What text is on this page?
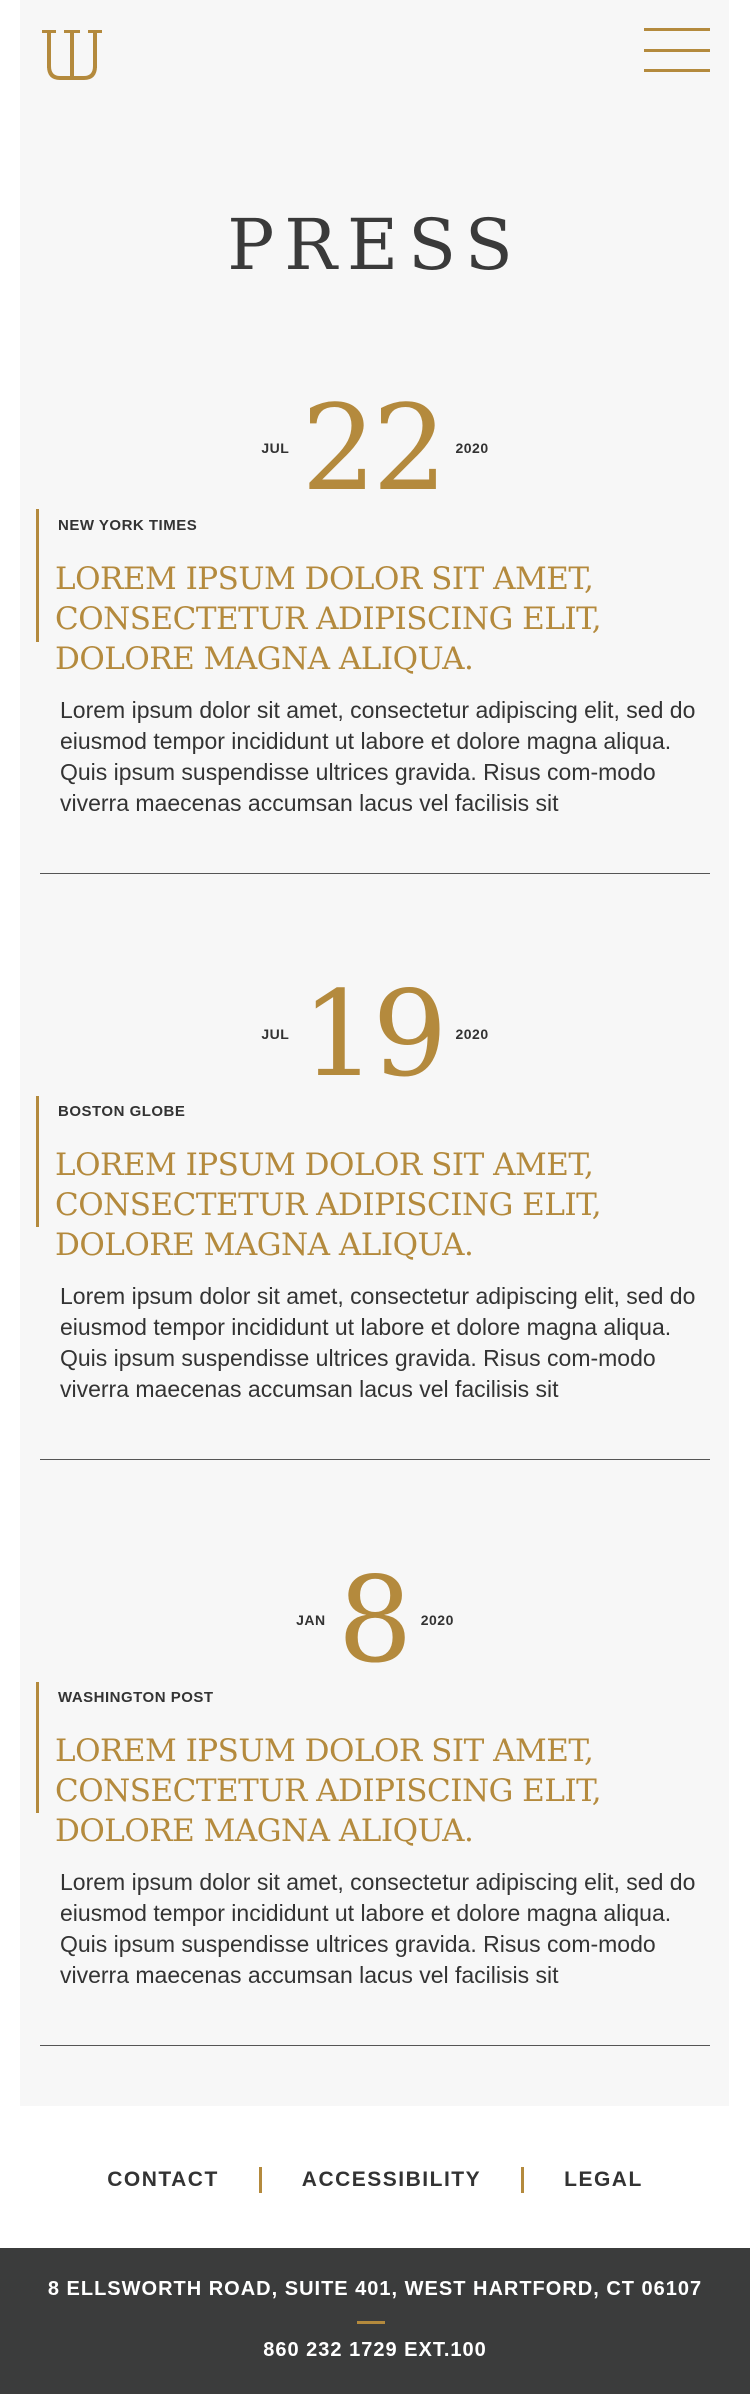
PRESS
JUL 22 2020
NEW YORK TIMES
LOREM IPSUM DOLOR SIT AMET, CONSECTETUR ADIPISCING ELIT, DOLORE MAGNA ALIQUA.

Lorem ipsum dolor sit amet, consectetur adipiscing elit, sed do eiusmod tempor incididunt ut labore et dolore magna aliqua. Quis ipsum suspendisse ultrices gravida. Risus com-modo viverra maecenas accumsan lacus vel facilisis sit

JUL 19 2020
BOSTON GLOBE
LOREM IPSUM DOLOR SIT AMET, CONSECTETUR ADIPISCING ELIT, DOLORE MAGNA ALIQUA.

Lorem ipsum dolor sit amet, consectetur adipiscing elit, sed do eiusmod tempor incididunt ut labore et dolore magna aliqua. Quis ipsum suspendisse ultrices gravida. Risus com-modo viverra maecenas accumsan lacus vel facilisis sit

JAN 8 2020
WASHINGTON POST
LOREM IPSUM DOLOR SIT AMET, CONSECTETUR ADIPISCING ELIT, DOLORE MAGNA ALIQUA.

Lorem ipsum dolor sit amet, consectetur adipiscing elit, sed do eiusmod tempor incididunt ut labore et dolore magna aliqua. Quis ipsum suspendisse ultrices gravida. Risus com-modo viverra maecenas accumsan lacus vel facilisis sit

CONTACT	ACCESSIBILITY	LEGAL
8 ELLSWORTH ROAD, SUITE 401, WEST HARTFORD, CT 06107
860 232 1729 EXT.100
